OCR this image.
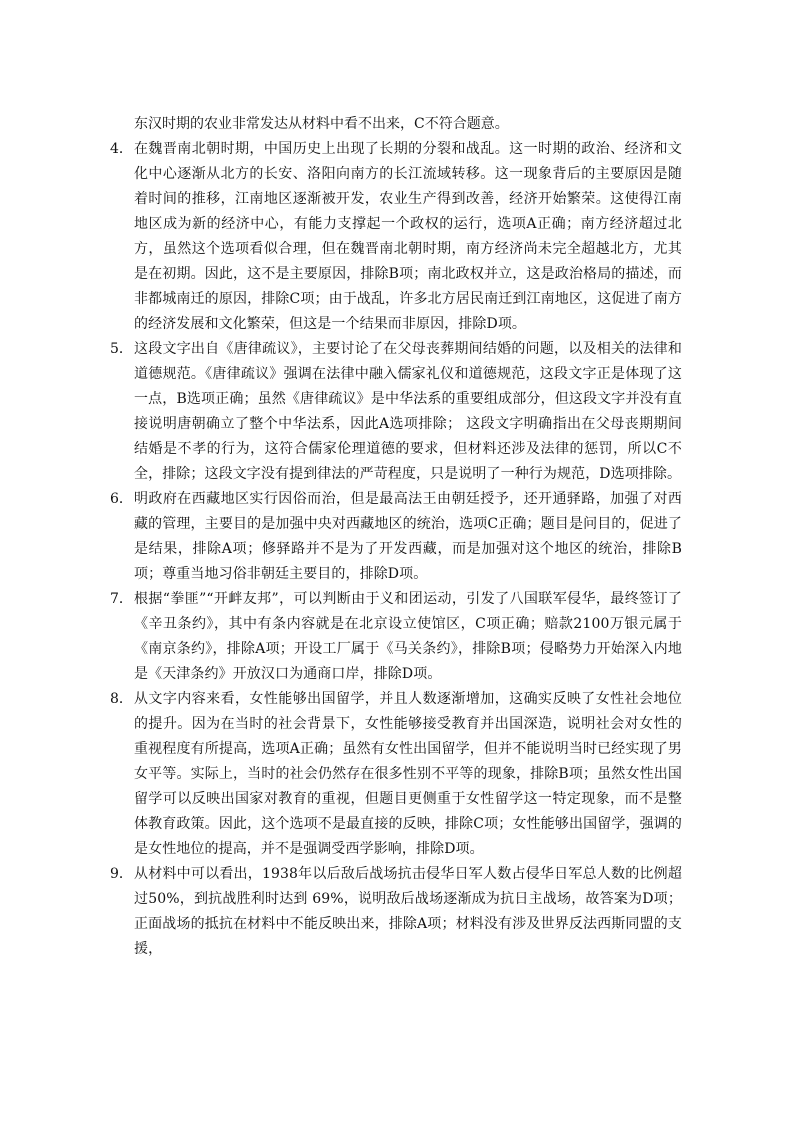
东汉时期的农业非常发达从材料中看不出来，C不符合题意。

4． 在魏晋南北朝时期，中国历史上出现了长期的分裂和战乱。这一时期的政治、经济和文化中心逐渐从北方的长安、洛阳向南方的长江流域转移。这一现象背后的主要原因是随着时间的推移，江南地区逐渐被开发，农业生产得到改善，经济开始繁荣。这使得江南地区成为新的经济中心，有能力支撑起一个政权的运行，选项A正确；南方经济超过北方，虽然这个选项看似合理，但在魏晋南北朝时期，南方经济尚未完全超越北方，尤其是在初期。因此，这不是主要原因，排除B项；南北政权并立，这是政治格局的描述，而非都城南迁的原因，排除C项；由于战乱，许多北方居民南迁到江南地区，这促进了南方的经济发展和文化繁荣，但这是一个结果而非原因，排除D项。
5． 这段文字出自《唐律疏议》，主要讨论了在父母丧葬期间结婚的问题，以及相关的法律和道德规范。《唐律疏议》强调在法律中融入儒家礼仪和道德规范，这段文字正是体现了这一点，B选项正确；虽然《唐律疏议》是中华法系的重要组成部分，但这段文字并没有直接说明唐朝确立了整个中华法系，因此A选项排除； 这段文字明确指出在父母丧期期间结婚是不孝的行为，这符合儒家伦理道德的要求，但材料还涉及法律的惩罚，所以C不全，排除；这段文字没有提到律法的严苛程度，只是说明了一种行为规范，D选项排除。
6． 明政府在西藏地区实行因俗而治，但是最高法王由朝廷授予，还开通驿路，加强了对西藏的管理，主要目的是加强中央对西藏地区的统治，选项C正确；题目是问目的，促进了是结果，排除A项；修驿路并不是为了开发西藏，而是加强对这个地区的统治，排除B项；尊重当地习俗非朝廷主要目的，排除D项。
7． 根据“拳匪”“开衅友邦”，可以判断由于义和团运动，引发了八国联军侵华，最终签订了《辛丑条约》，其中有条内容就是在北京设立使馆区，C项正确；赔款2100万银元属于《南京条约》，排除A项；开设工厂属于《马关条约》，排除B项；侵略势力开始深入内地是《天津条约》开放汉口为通商口岸，排除D项。
8． 从文字内容来看，女性能够出国留学，并且人数逐渐增加，这确实反映了女性社会地位的提升。因为在当时的社会背景下，女性能够接受教育并出国深造，说明社会对女性的重视程度有所提高，选项A正确；虽然有女性出国留学，但并不能说明当时已经实现了男女平等。实际上，当时的社会仍然存在很多性别不平等的现象，排除B项；虽然女性出国留学可以反映出国家对教育的重视，但题目更侧重于女性留学这一特定现象，而不是整体教育政策。因此，这个选项不是最直接的反映，排除C项；女性能够出国留学，强调的是女性地位的提高，并不是强调受西学影响，排除D项。
9． 从材料中可以看出，1938年以后敌后战场抗击侵华日军人数占侵华日军总人数的比例超过50%，到抗战胜利时达到 69%，说明敌后战场逐渐成为抗日主战场，故答案为D项；正面战场的抵抗在材料中不能反映出来，排除A项；材料没有涉及世界反法西斯同盟的支援，
